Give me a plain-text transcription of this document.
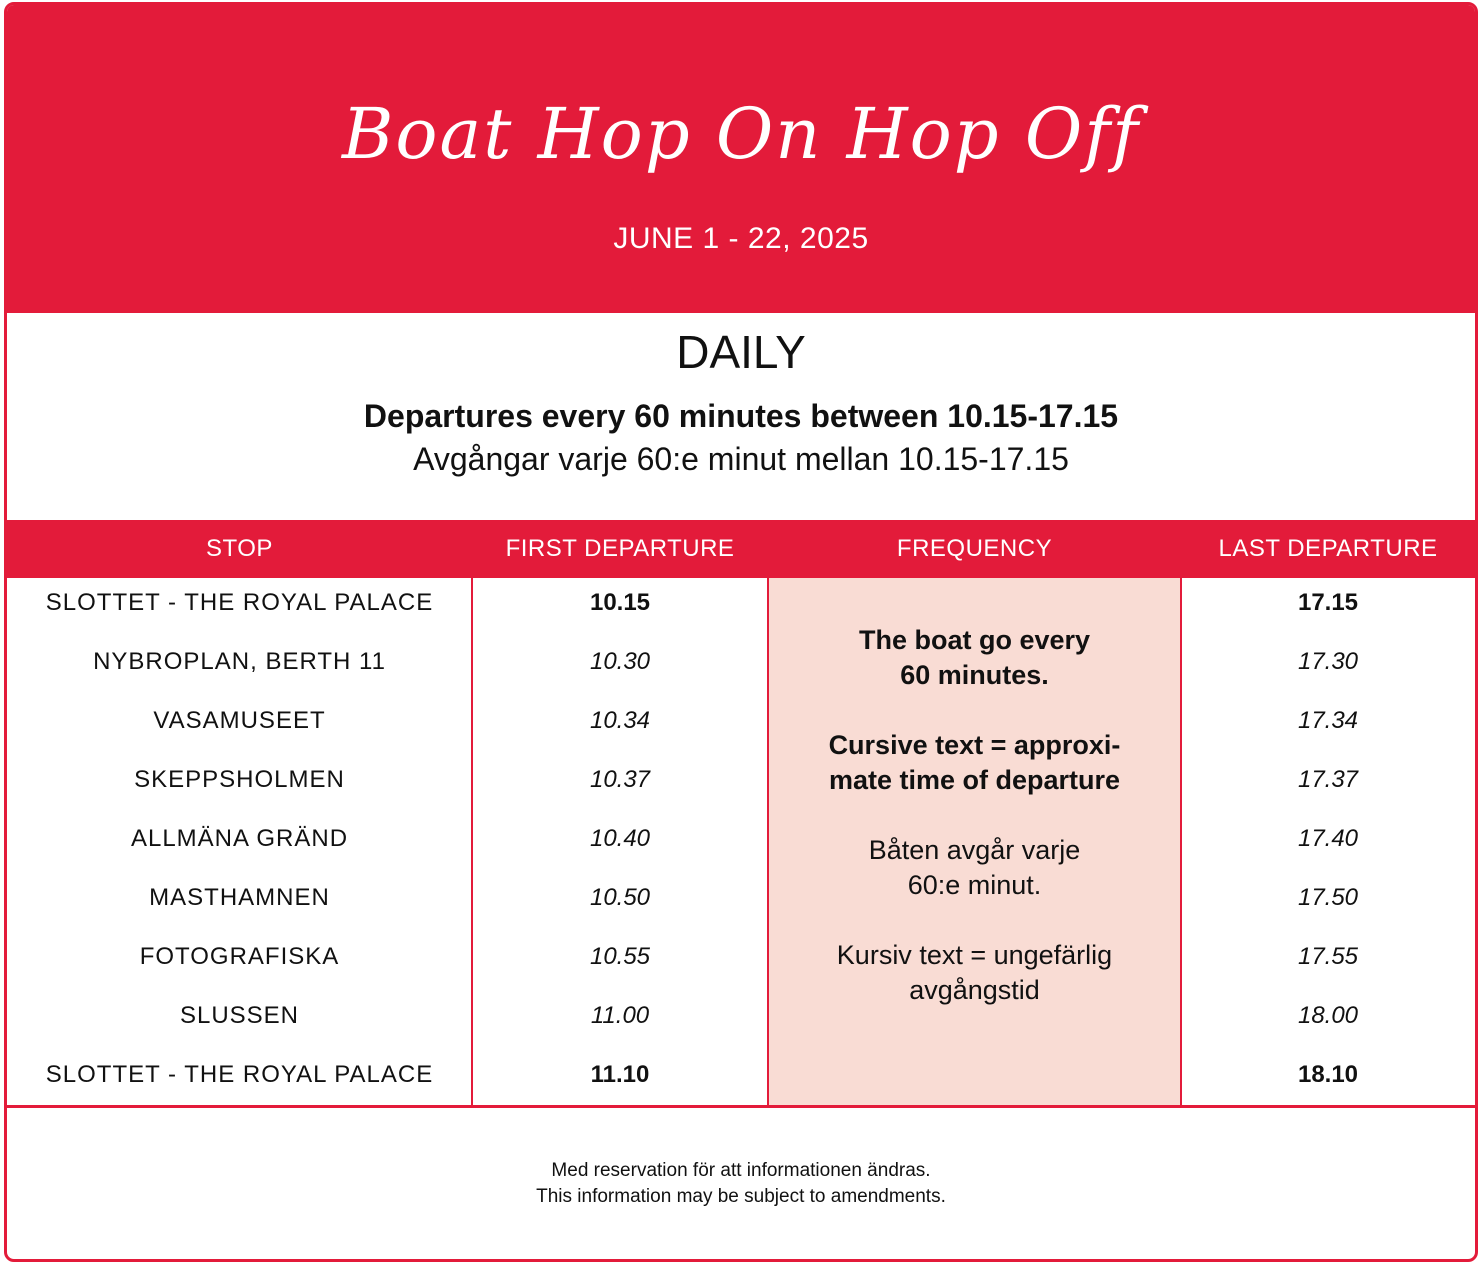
Boat Hop On Hop Off
JUNE 1 - 22, 2025
DAILY
Departures every 60 minutes between 10.15-17.15
Avgångar varje 60:e minut mellan 10.15-17.15
STOP	FIRST DEPARTURE	FREQUENCY	LAST DEPARTURE
SLOTTET - THE ROYAL PALACE	10.15	17.15
NYBROPLAN, BERTH 11	10.30	17.30
VASAMUSEET	10.34	17.34
SKEPPSHOLMEN	10.37	17.37
ALLMÄNA GRÄND	10.40	17.40
MASTHAMNEN	10.50	17.50
FOTOGRAFISKA	10.55	17.55
SLUSSEN	11.00	18.00
SLOTTET - THE ROYAL PALACE	11.10	18.10
The boat go every
60 minutes.
Cursive text = approxi-
mate time of departure
Båten avgår varje
60:e minut.
Kursiv text = ungefärlig
avgångstid
Med reservation för att informationen ändras.
This information may be subject to amendments.
